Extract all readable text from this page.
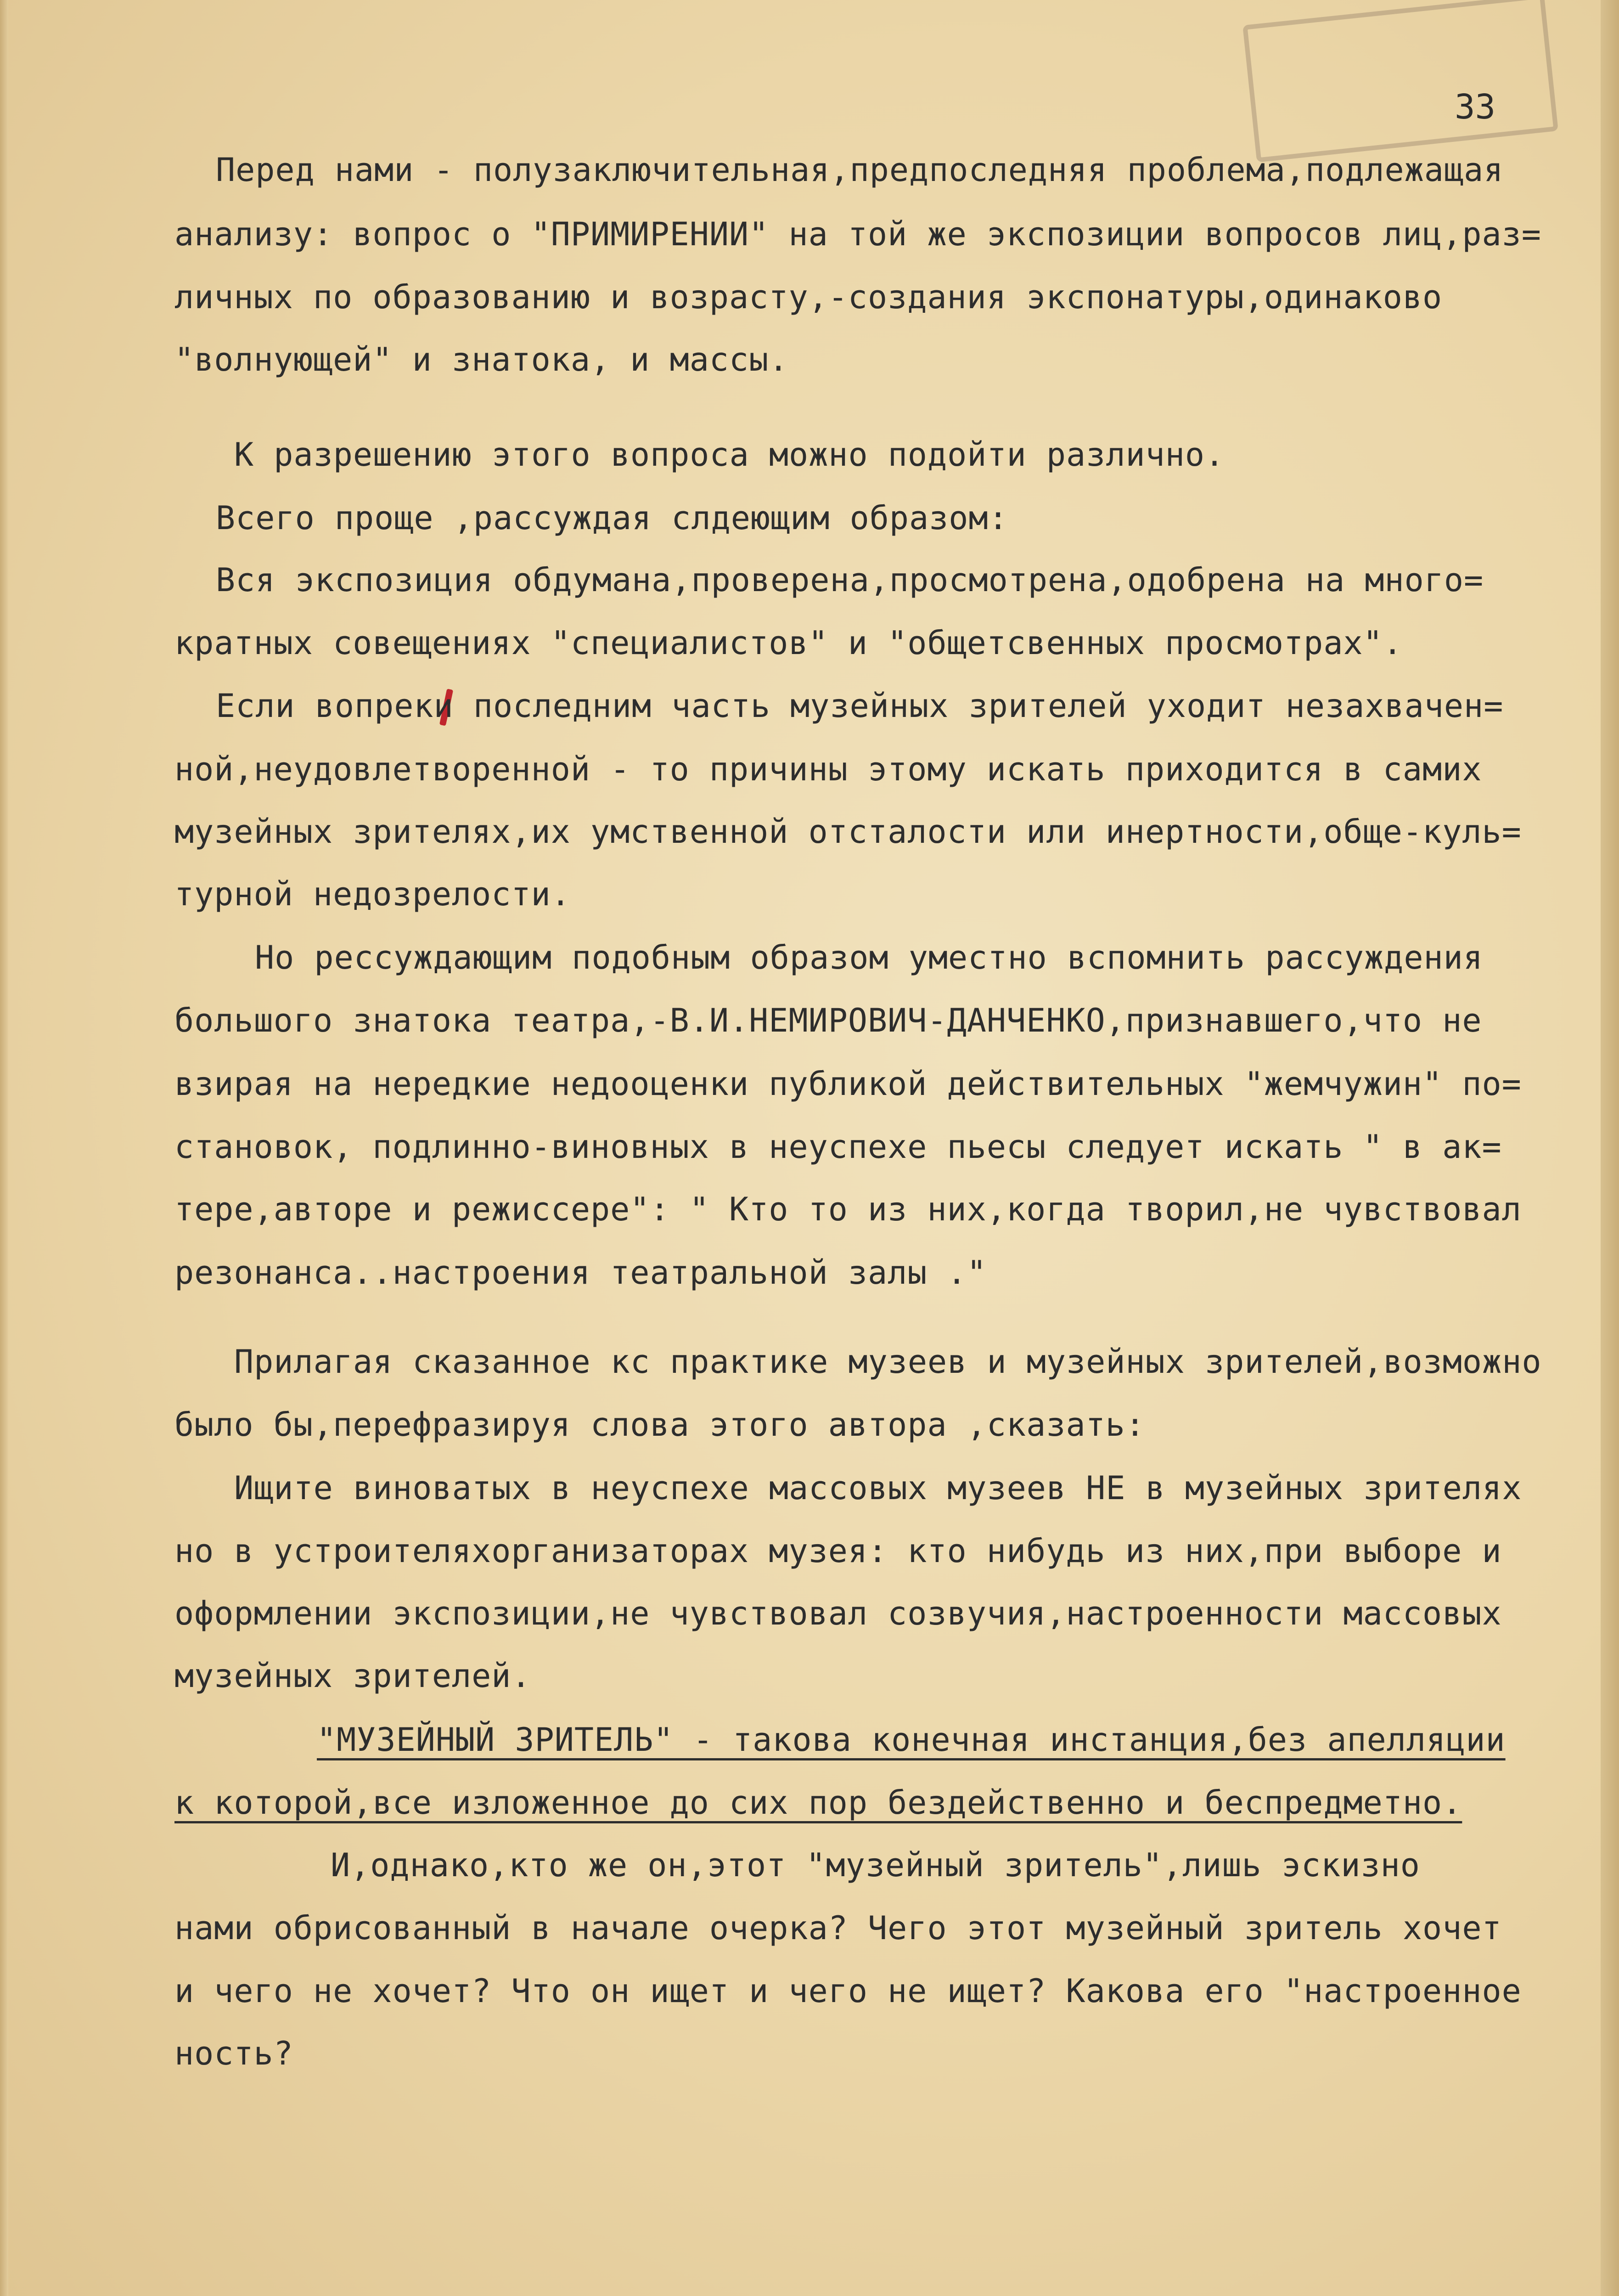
33
Перед нами - полузаключительная,предпоследняя проблема,подлежащая
анализу: вопрос о "ПРИМИРЕНИИ" на той же экспозиции вопросов лиц,раз=
личных по образованию и возрасту,-создания экспонатуры,одинаково
"волнующей" и знатока, и массы.
К разрешению этого вопроса можно подойти различно.
Всего проще ,рассуждая слдеющим образом:
Вся экспозиция обдумана,проверена,просмотрена,одобрена на много=
кратных совещениях "специалистов" и "общетсвенных просмотрах".
Если вопреки последним часть музейных зрителей уходит незахвачен=
ной,неудовлетворенной - то причины этому искать приходится в самих
музейных зрителях,их умственной отсталости или инертности,обще-куль=
турной недозрелости.
Но рессуждающим подобным образом уместно вспомнить рассуждения
большого знатока театра,-В.И.НЕМИРОВИЧ-ДАНЧЕНКО,признавшего,что не
взирая на нередкие недооценки публикой действительных "жемчужин" по=
становок, подлинно-виновных в неуспехе пьесы следует искать " в ак=
тере,авторе и режиссере": " Кто то из них,когда творил,не чувствовал
резонанса..настроения театральной залы ."
Прилагая сказанное кс практике музеев и музейных зрителей,возможно
было бы,перефразируя слова этого автора ,сказать:
Ищите виноватых в неуспехе массовых музеев НЕ в музейных зрителях
но в устроителяхорганизаторах музея: кто нибудь из них,при выборе и
оформлении экспозиции,не чувствовал созвучия,настроенности массовых
музейных зрителей.
"МУЗЕЙНЫЙ ЗРИТЕЛЬ" - такова конечная инстанция,без апелляции
к которой,все изложенное до сих пор бездейственно и беспредметно.
И,однако,кто же он,этот "музейный зритель",лишь эскизно
нами обрисованный в начале очерка? Чего этот музейный зритель хочет
и чего не хочет? Что он ищет и чего не ищет? Какова его "настроенное
ность?
